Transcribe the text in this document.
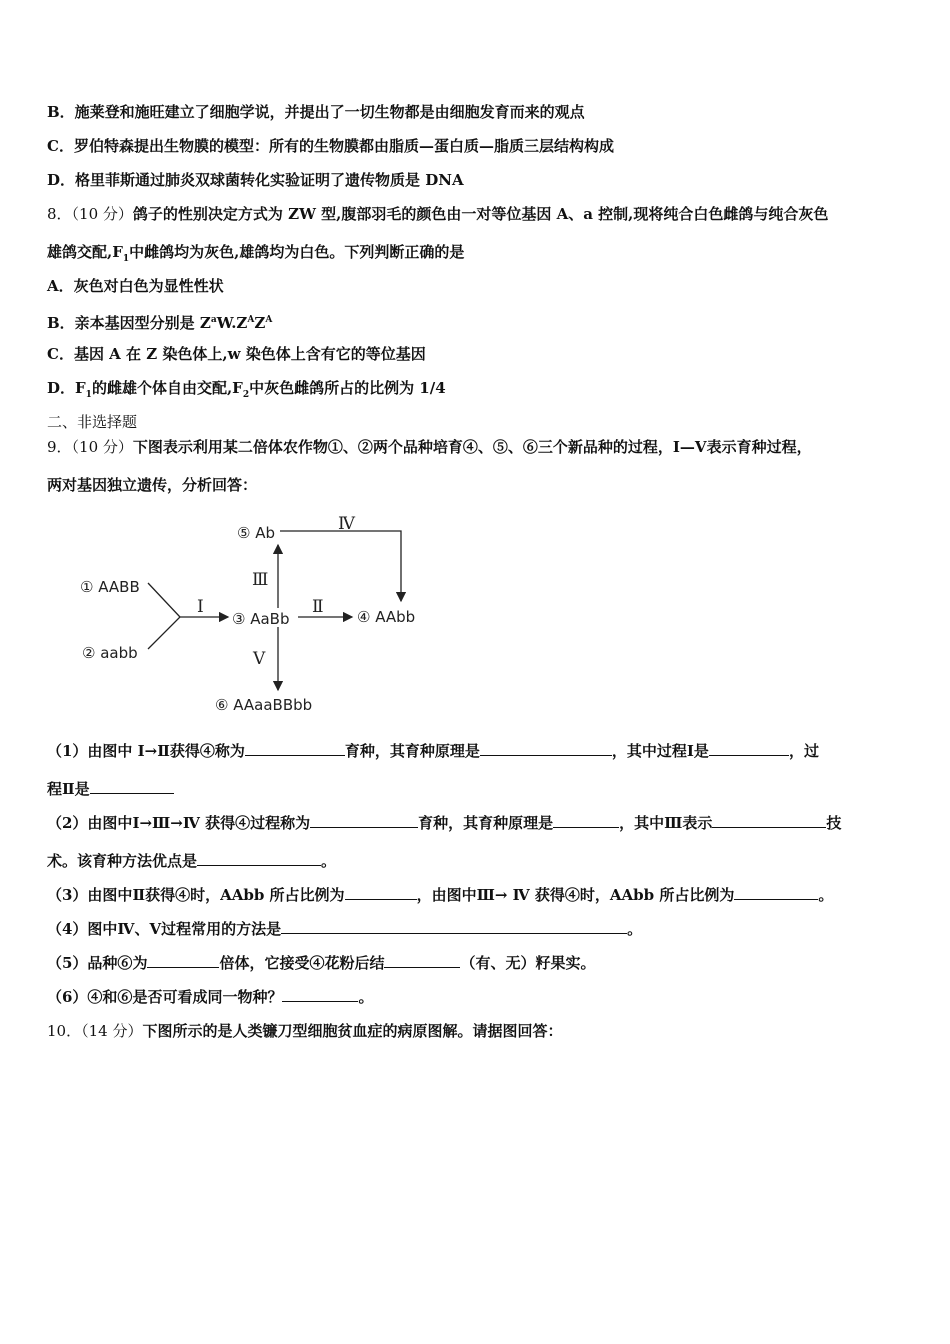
B．施莱登和施旺建立了细胞学说，并提出了一切生物都是由细胞发育而来的观点
C．罗伯特森提出生物膜的模型：所有的生物膜都由脂质—蛋白质—脂质三层结构构成
D．格里菲斯通过肺炎双球菌转化实验证明了遗传物质是 DNA
8．（10 分）鸽子的性别决定方式为 ZW 型,腹部羽毛的颜色由一对等位基因 A、a 控制,现将纯合白色雌鸽与纯合灰色
雄鸽交配$,F_1$中雌鸽均为灰色,雄鸽均为白色。下列判断正确的是
A．灰色对白色为显性性状
B．亲本基因型分别是 $Z^aW.Z^AZ^A$
C．基因 A 在 Z 染色体上,w 染色体上含有它的等位基因
D．$F_1$的雌雄个体自由交配$,F_2$中灰色雌鸽所占的比例为 1/4
二、非选择题
9．（10 分）下图表示利用某二倍体农作物①、②两个品种培育④、⑤、⑥三个新品种的过程，Ⅰ—Ⅴ表示育种过程，
两对基因独立遗传，分析回答：
⑤ Ab
① AABB
② aabb
③ AaBb	④ AAbb
⑥ AAaaBBbb
Ⅰ	Ⅱ
Ⅲ
Ⅳ
Ⅴ
（1）由图中 Ⅰ→Ⅱ获得④称为	育种，其育种原理是	，其中过程Ⅰ是	，过
程Ⅱ是
（2）由图中Ⅰ→Ⅲ→Ⅳ 获得④过程称为	育种，其育种原理是	，其中Ⅲ表示	技
术。该育种方法优点是	。
（3）由图中Ⅱ获得④时，AAbb 所占比例为	，由图中Ⅲ→ Ⅳ 获得④时，AAbb 所占比例为	。
（4）图中Ⅳ、Ⅴ过程常用的方法是	。
（5）品种⑥为	倍体，它接受④花粉后结	（有、无）籽果实。
（6）④和⑥是否可看成同一物种？	。
10．（14 分）下图所示的是人类镰刀型细胞贫血症的病原图解。请据图回答：
